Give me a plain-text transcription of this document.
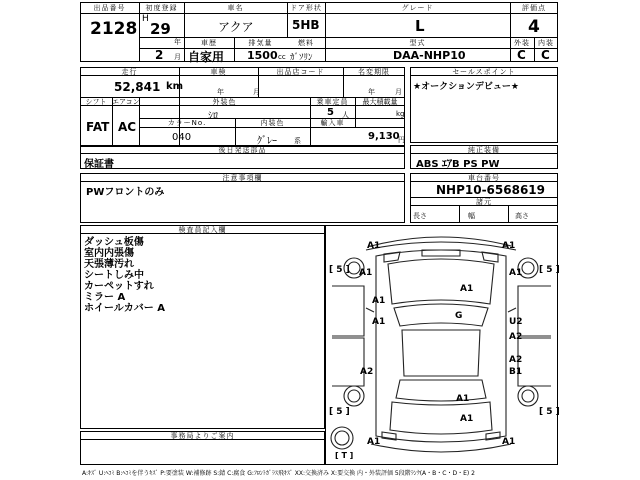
出品番号
2128
初度登録
H
29
年
2 月
車名
アクア
ドア形状
5HB
グレード
L
評価点
4
車歴
自家用
排気量
1500 cc
燃料
ｶﾞｿﾘﾝ
型式
DAA-NHP10
外装
C
内装
C
走行
52,841 km
車検
年	月
出品店コード	名変期限
年	月
シフト エアコン
FAT AC
外装色
ｼﾛ
乗車定員
5 人
最大積載量
kg
カラーNo.	内装色	輸入車
040	ｸﾞﾚｰ 系	9,130
円
後日発送部品
保証書
注意事項欄
PWフロントのみ
セールスポイント
★オークションデビュー★
純正装備
ABS ｴｱB PS PW
車台番号
NHP10-6568619
諸元
長さ	幅	高さ
検査員記入欄
ダッシュ板傷
室内内張傷
天張薄汚れ
シートしみ中
カーペットすれ
ミラー A
ホイールカバー A
事務局よりご案内
A1	A1
[ 5 ]	[ 5 ]
A1	A1
A1
A1
G
A1	U2
A2
A2
A2
B1
[ 5 ]	[ 5 ]
A1
A1
A1	A1
[ T ]
A:ｷｽﾞ U:ﾍｺﾐ B:ﾍｺﾐを伴うｷｽﾞ P:要塗装 W:補修跡 S:錆 C:腐食 G:ﾌﾛﾝﾄｶﾞﾗｽ飛ｷｽﾞ XX:交換済み X:要交換 内・外装評価 5段階ﾗﾝｸ(A・B・C・D・E) 2
